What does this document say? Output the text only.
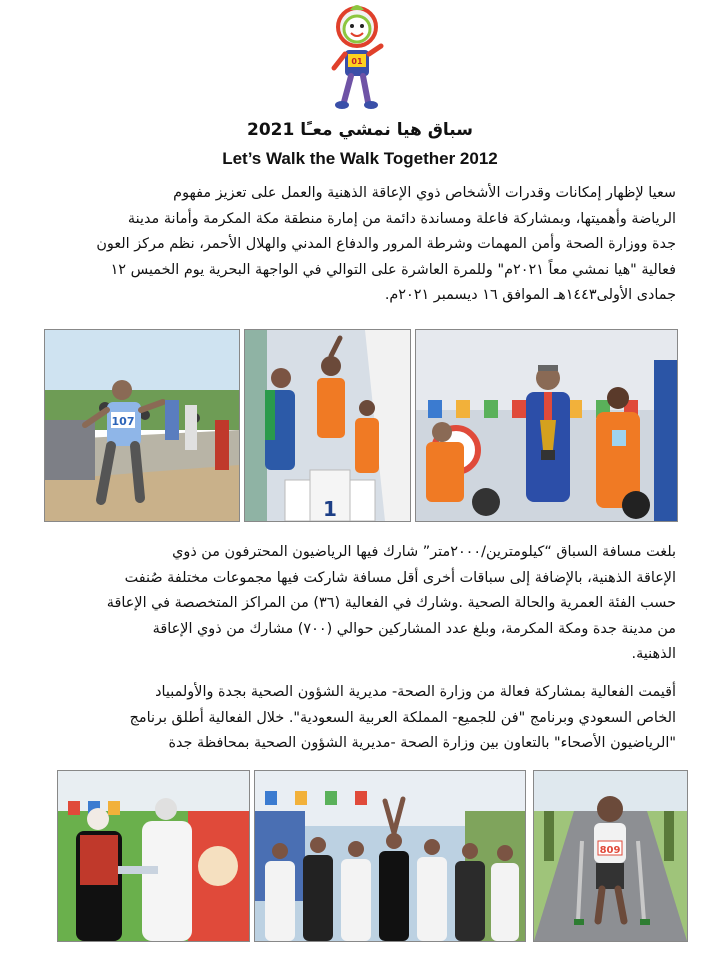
01
سباق هيا نمشي معـًا 2021
Let’s Walk the Walk Together 2012
سعيا لإظهار إمكانات وقدرات الأشخاص ذوي الإعاقة الذهنية والعمل على تعزيز مفهوم
الرياضة وأهميتها، وبمشاركة فاعلة ومساندة دائمة من إمارة منطقة مكة المكرمة وأمانة مدينة
جدة ووزارة الصحة وأمن المهمات وشرطة المرور والدفاع المدني والهلال الأحمر، نظم مركز العون
فعالية "هيا نمشي معاً ٢٠٢١م" وللمرة العاشرة على التوالي في الواجهة البحرية يوم الخميس ١٢
جمادى الأولى١٤٤٣هـ الموافق ١٦ ديسمبر ٢٠٢١م.
107
1
بلغت مسافة السباق “كيلومترين/٢٠٠٠متر” شارك فيها الرياضيون المحترفون من ذوي
الإعاقة الذهنية، بالإضافة إلى سباقات أخرى أقل مسافة شاركت فيها مجموعات مختلفة صُنفت
حسب الفئة العمرية والحالة الصحية .وشارك في الفعالية (٣٦) من المراكز المتخصصة في الإعاقة
من مدينة جدة ومكة المكرمة، وبلغ عدد المشاركين حوالي (٧٠٠) مشارك من ذوي الإعاقة
الذهنية.
أقيمت الفعالية بمشاركة فعالة من وزارة الصحة- مديرية الشؤون الصحية بجدة والأولمبياد
الخاص السعودي وبرنامج "فن للجميع- المملكة العربية السعودية". خلال الفعالية أطلق برنامج
"الرياضيون الأصحاء" بالتعاون بين وزارة الصحة -مديرية الشؤون الصحية بمحافظة جدة
809
